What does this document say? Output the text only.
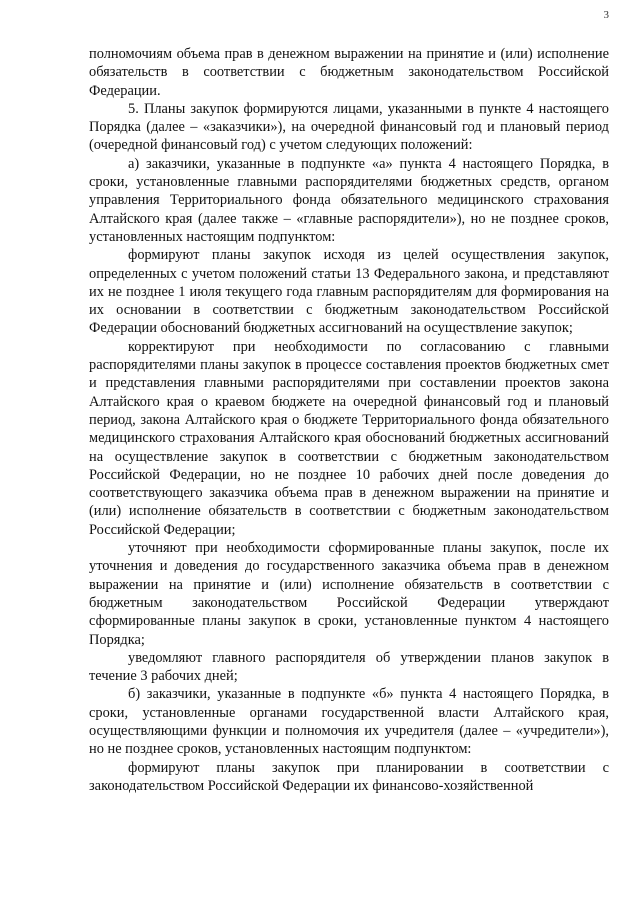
3

полномочиям объема прав в денежном выражении на принятие и (или) исполнение обязательств в соответствии с бюджетным законодательством Российской Федерации.

5. Планы закупок формируются лицами, указанными в пункте 4 настоящего Порядка (далее – «заказчики»), на очередной финансовый год и плановый период (очередной финансовый год) с учетом следующих положений:

а) заказчики, указанные в подпункте «а» пункта 4 настоящего Порядка, в сроки, установленные главными распорядителями бюджетных средств, органом управления Территориального фонда обязательного медицинского страхования Алтайского края (далее также – «главные распорядители»), но не позднее сроков, установленных настоящим подпунктом:

формируют планы закупок исходя из целей осуществления закупок, определенных с учетом положений статьи 13 Федерального закона, и представляют их не позднее 1 июля текущего года главным распорядителям для формирования на их основании в соответствии с бюджетным законодательством Российской Федерации обоснований бюджетных ассигнований на осуществление закупок;

корректируют при необходимости по согласованию с главными распорядителями планы закупок в процессе составления проектов бюджетных смет и представления главными распорядителями при составлении проектов закона Алтайского края о краевом бюджете на очередной финансовый год и плановый период, закона Алтайского края о бюджете Территориального фонда обязательного медицинского страхования Алтайского края обоснований бюджетных ассигнований на осуществление закупок в соответствии с бюджетным законодательством Российской Федерации, но не позднее 10 рабочих дней после доведения до соответствующего заказчика объема прав в денежном выражении на принятие и (или) исполнение обязательств в соответствии с бюджетным законодательством Российской Федерации;

уточняют при необходимости сформированные планы закупок, после их уточнения и доведения до государственного заказчика объема прав в денежном выражении на принятие и (или) исполнение обязательств в соответствии с бюджетным законодательством Российской Федерации утверждают сформированные планы закупок в сроки, установленные пунктом 4 настоящего Порядка;

уведомляют главного распорядителя об утверждении планов закупок в течение 3 рабочих дней;

б) заказчики, указанные в подпункте «б» пункта 4 настоящего Порядка, в сроки, установленные органами государственной власти Алтайского края, осуществляющими функции и полномочия их учредителя (далее – «учредители»), но не позднее сроков, установленных настоящим подпунктом:

формируют планы закупок при планировании в соответствии с законодательством Российской Федерации их финансово-хозяйственной
